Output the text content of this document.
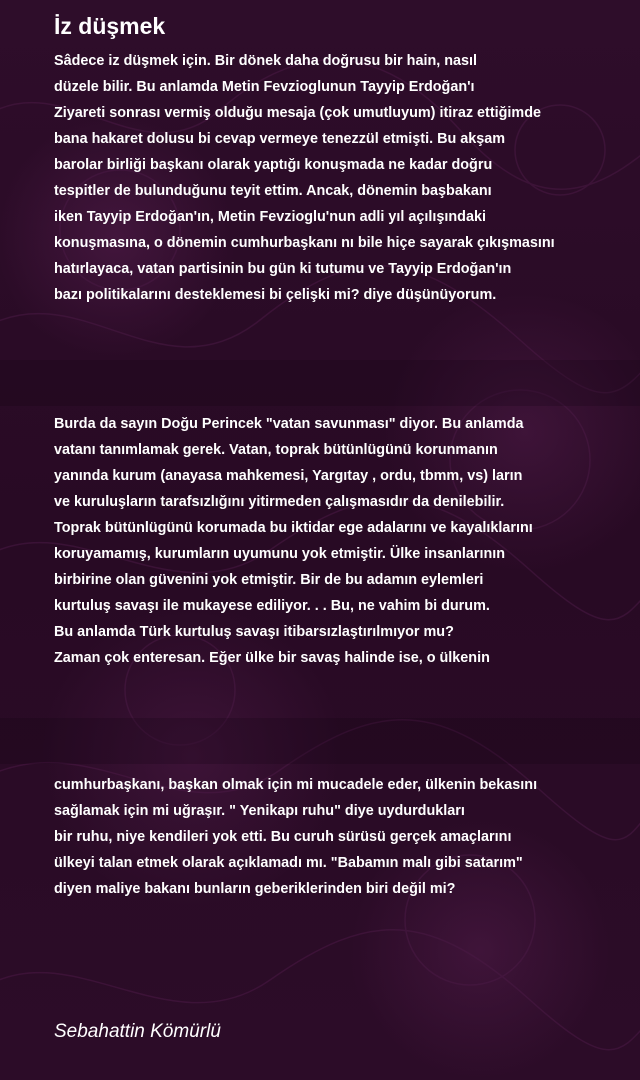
İz düşmek
Sâdece iz düşmek için. Bir dönek daha doğrusu bir hain, nasıl
düzele bilir. Bu anlamda Metin Fevzioglunun Tayyip Erdoğan'ı
Ziyareti sonrası vermiş olduğu mesaja (çok umutluyum) itiraz ettiğimde
bana hakaret dolusu bi cevap vermeye tenezzül etmişti. Bu akşam
barolar birliği başkanı olarak yaptığı konuşmada ne kadar doğru
tespitler de bulunduğunu teyit ettim. Ancak, dönemin başbakanı
iken Tayyip Erdoğan'ın, Metin Fevzioglu'nun adli yıl açılışındaki
konuşmasına, o dönemin cumhurbaşkanı nı bile hiçe sayarak çıkışmasını
hatırlayaca, vatan partisinin bu gün ki tutumu ve Tayyip Erdoğan'ın
bazı politikalarını desteklemesi bi çelişki mi? diye düşünüyorum.
Burda da sayın Doğu Perincek "vatan savunması" diyor. Bu anlamda
vatanı tanımlamak gerek. Vatan, toprak bütünlügünü korunmanın
yanında kurum (anayasa mahkemesi, Yargıtay , ordu, tbmm, vs) ların
ve kuruluşların tarafsızlığını yitirmeden çalışmasıdır da denilebilir.
Toprak bütünlügünü korumada bu iktidar ege adalarını ve kayalıklarını
koruyamamış, kurumların uyumunu yok etmiştir. Ülke insanlarının
birbirine olan güvenini yok etmiştir. Bir de bu adamın eylemleri
kurtuluş savaşı ile mukayese ediliyor. . . Bu, ne vahim bi durum.
Bu anlamda Türk kurtuluş savaşı itibarsızlaştırılmıyor mu?
Zaman çok enteresan. Eğer ülke bir savaş halinde ise, o ülkenin
cumhurbaşkanı, başkan olmak için mi mucadele eder, ülkenin bekasını
sağlamak için mi uğraşır. " Yenikapı ruhu" diye uydurdukları
bir ruhu, niye kendileri yok etti. Bu curuh sürüsü gerçek amaçlarını
ülkeyi talan etmek olarak açıklamadı mı. "Babamın malı gibi satarım"
diyen maliye bakanı bunların geberiklerinden biri değil mi?

Sebahattin Kömürlü
